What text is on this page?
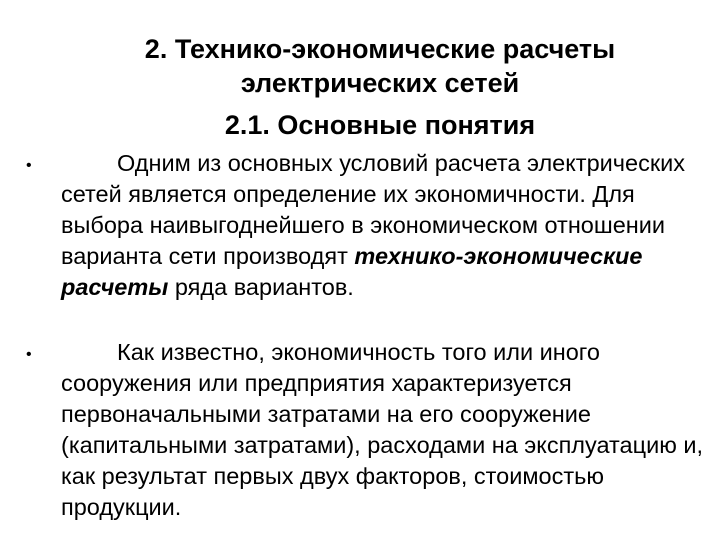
2. Технико-экономические расчеты
электрических сетей
2.1. Основные понятия
•	Одним из основных условий расчета электрических сетей является определение их экономичности. Для выбора наивыгоднейшего в экономическом отношении варианта сети производят технико-экономические расчеты ряда вариантов.
•	Как известно, экономичность того или иного сооружения или предприятия характеризуется первоначальными затратами на его сооружение (капитальными затратами), расходами на эксплуатацию и, как результат первых двух факторов, стоимостью продукции.
